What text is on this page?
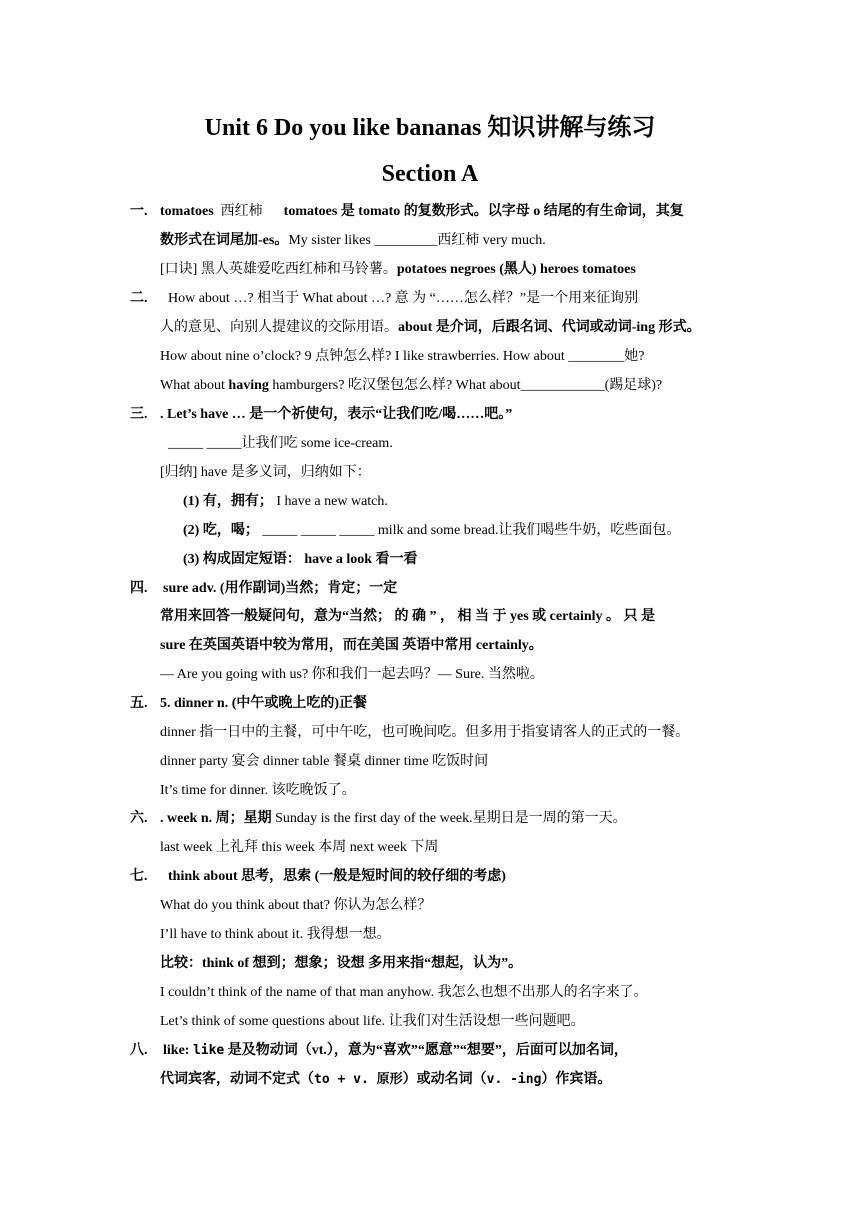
Unit 6 Do you like bananas 知识讲解与练习
Section A
一. tomatoes 西红柿 tomatoes 是 tomato 的复数形式。以字母 o 结尾的有生命词，其复
数形式在词尾加-es。My sister likes _________西红柿 very much.
[口诀] 黑人英雄爱吃西红柿和马铃薯。potatoes negroes (黑人) heroes tomatoes
二. How about …? 相当于 What about …? 意 为 “……怎么样？”是一个用来征询别
人的意见、向别人提建议的交际用语。about 是介词，后跟名词、代词或动词-ing 形式。
How about nine o’clock? 9 点钟怎么样? I like strawberries. How about ________她?
What about having hamburgers? 吃汉堡包怎么样? What about____________(踢足球)?
三. . Let’s have … 是一个祈使句，表示“让我们吃/喝……吧。”
_____ _____让我们吃 some ice-cream.
[归纳] have 是多义词，归纳如下：
(1) 有，拥有； I have a new watch.
(2) 吃，喝； _____ _____ _____ milk and some bread.让我们喝些牛奶，吃些面包。
(3) 构成固定短语： have a look 看一看
四. sure adv. (用作副词)当然；肯定；一定
常用来回答一般疑问句，意为“当然； 的 确 ” ， 相 当 于 yes 或 certainly 。 只 是
sure 在英国英语中较为常用，而在美国 英语中常用 certainly。
— Are you going with us? 你和我们一起去吗？— Sure. 当然啦。
五. 5. dinner n. (中午或晚上吃的)正餐
dinner 指一日中的主餐，可中午吃，也可晚间吃。但多用于指宴请客人的正式的一餐。
dinner party 宴会 dinner table 餐桌 dinner time 吃饭时间
It’s time for dinner. 该吃晚饭了。
六. . week n. 周；星期 Sunday is the first day of the week.星期日是一周的第一天。
last week 上礼拜 this week 本周 next week 下周
七. think about 思考，思索 (一般是短时间的较仔细的考虑)
What do you think about that? 你认为怎么样？
I’ll have to think about it. 我得想一想。
比较：think of 想到；想象；设想 多用来指“想起，认为”。
I couldn’t think of the name of that man anyhow. 我怎么也想不出那人的名字来了。
Let’s think of some questions about life. 让我们对生活设想一些问题吧。
八. like: like 是及物动词（vt.），意为“喜欢”“愿意”“想要”，后面可以加名词，
代词宾客，动词不定式（to + v. 原形）或动名词（v. -ing）作宾语。
